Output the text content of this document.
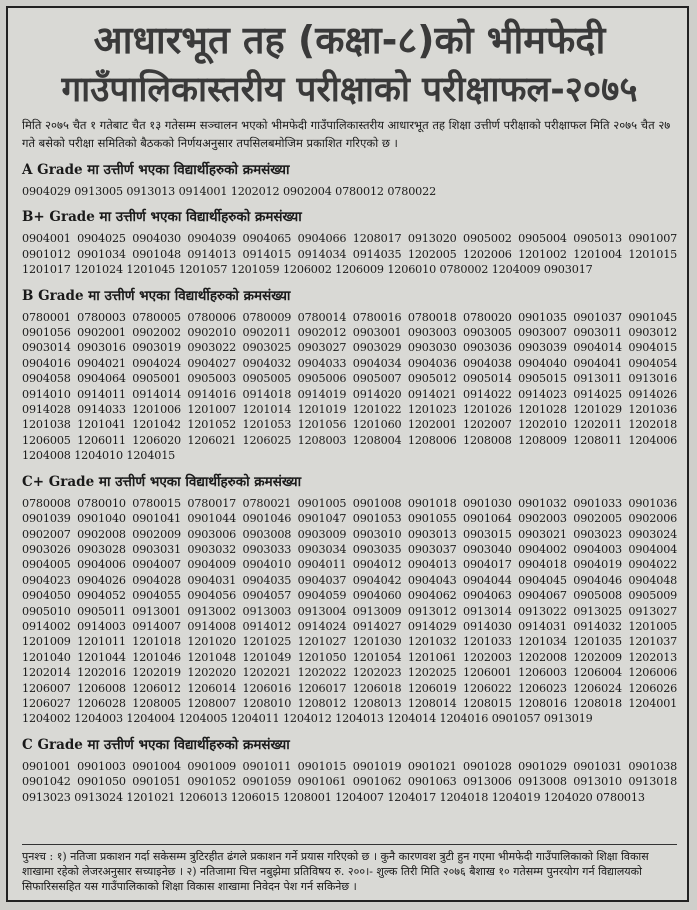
आधारभूत तह (कक्षा-८)को भीमफेदी
गाउँपालिकास्तरीय परीक्षाको परीक्षाफल-२०७५
मिति २०७५ चैत १ गतेबाट चैत १३ गतेसम्म सञ्चालन भएको भीमफेदी गाउँपालिकास्तरीय आधारभूत तह शिक्षा उत्तीर्ण परीक्षाको परीक्षाफल मिति २०७५ चैत २७ गते बसेको परीक्षा समितिको बैठकको निर्णयअनुसार तपसिलबमोजिम प्रकाशित गरिएको छ ।
A Grade मा उत्तीर्ण भएका विद्यार्थीहरुको क्रमसंख्या
0904029 0913005 0913013 0914001 1202012 0902004 0780012 0780022
B+ Grade मा उत्तीर्ण भएका विद्यार्थीहरुको क्रमसंख्या
0904001 0904025 0904030 0904039 0904065 0904066 1208017 0913020 0905002 0905004 0905013 0901007 0901012 0901034 0901048 0914013 0914015 0914034 0914035 1202005 1202006 1201002 1201004 1201015 1201017 1201024 1201045 1201057 1201059 1206002 1206009 1206010 0780002 1204009 0903017
B Grade मा उत्तीर्ण भएका विद्यार्थीहरुको क्रमसंख्या
0780001 0780003 0780005 0780006 0780009 0780014 0780016 0780018 0780020 0901035 0901037 0901045 0901056 0902001 0902002 0902010 0902011 0902012 0903001 0903003 0903005 0903007 0903011 0903012 0903014 0903016 0903019 0903022 0903025 0903027 0903029 0903030 0903036 0903039 0904014 0904015 0904016 0904021 0904024 0904027 0904032 0904033 0904034 0904036 0904038 0904040 0904041 0904054 0904058 0904064 0905001 0905003 0905005 0905006 0905007 0905012 0905014 0905015 0913011 0913016 0914010 0914011 0914014 0914016 0914018 0914019 0914020 0914021 0914022 0914023 0914025 0914026 0914028 0914033 1201006 1201007 1201014 1201019 1201022 1201023 1201026 1201028 1201029 1201036 1201038 1201041 1201042 1201052 1201053 1201056 1201060 1202001 1202007 1202010 1202011 1202018 1206005 1206011 1206020 1206021 1206025 1208003 1208004 1208006 1208008 1208009 1208011 1204006 1204008 1204010 1204015
C+ Grade मा उत्तीर्ण भएका विद्यार्थीहरुको क्रमसंख्या
0780008 0780010 0780015 0780017 0780021 0901005 0901008 0901018 0901030 0901032 0901033 0901036 0901039 0901040 0901041 0901044 0901046 0901047 0901053 0901055 0901064 0902003 0902005 0902006 0902007 0902008 0902009 0903006 0903008 0903009 0903010 0903013 0903015 0903021 0903023 0903024 0903026 0903028 0903031 0903032 0903033 0903034 0903035 0903037 0903040 0904002 0904003 0904004 0904005 0904006 0904007 0904009 0904010 0904011 0904012 0904013 0904017 0904018 0904019 0904022 0904023 0904026 0904028 0904031 0904035 0904037 0904042 0904043 0904044 0904045 0904046 0904048 0904050 0904052 0904055 0904056 0904057 0904059 0904060 0904062 0904063 0904067 0905008 0905009 0905010 0905011 0913001 0913002 0913003 0913004 0913009 0913012 0913014 0913022 0913025 0913027 0914002 0914003 0914007 0914008 0914012 0914024 0914027 0914029 0914030 0914031 0914032 1201005 1201009 1201011 1201018 1201020 1201025 1201027 1201030 1201032 1201033 1201034 1201035 1201037 1201040 1201044 1201046 1201048 1201049 1201050 1201054 1201061 1202003 1202008 1202009 1202013 1202014 1202016 1202019 1202020 1202021 1202022 1202023 1202025 1206001 1206003 1206004 1206006 1206007 1206008 1206012 1206014 1206016 1206017 1206018 1206019 1206022 1206023 1206024 1206026 1206027 1206028 1208005 1208007 1208010 1208012 1208013 1208014 1208015 1208016 1208018 1204001 1204002 1204003 1204004 1204005 1204011 1204012 1204013 1204014 1204016 0901057 0913019
C Grade मा उत्तीर्ण भएका विद्यार्थीहरुको क्रमसंख्या
0901001 0901003 0901004 0901009 0901011 0901015 0901019 0901021 0901028 0901029 0901031 0901038 0901042 0901050 0901051 0901052 0901059 0901061 0901062 0901063 0913006 0913008 0913010 0913018 0913023 0913024 1201021 1206013 1206015 1208001 1204007 1204017 1204018 1204019 1204020 0780013
पुनश्च : १) नतिजा प्रकाशन गर्दा सकेसम्म त्रुटिरहीत ढंगले प्रकाशन गर्ने प्रयास गरिएको छ । कुनै कारणवश त्रुटी हुन गएमा भीमफेदी गाउँपालिकाको शिक्षा विकास शाखामा रहेको लेजरअनुसार सच्याइनेछ । २) नतिजामा चित्त नबुझेमा प्रतिविषय रु. २००।- शुल्क तिरी मिति २०७६ बैशाख १० गतेसम्म पुनरयोग गर्न विद्यालयको सिफारिससहित यस गाउँपालिकाको शिक्षा विकास शाखामा निवेदन पेश गर्न सकिनेछ ।
